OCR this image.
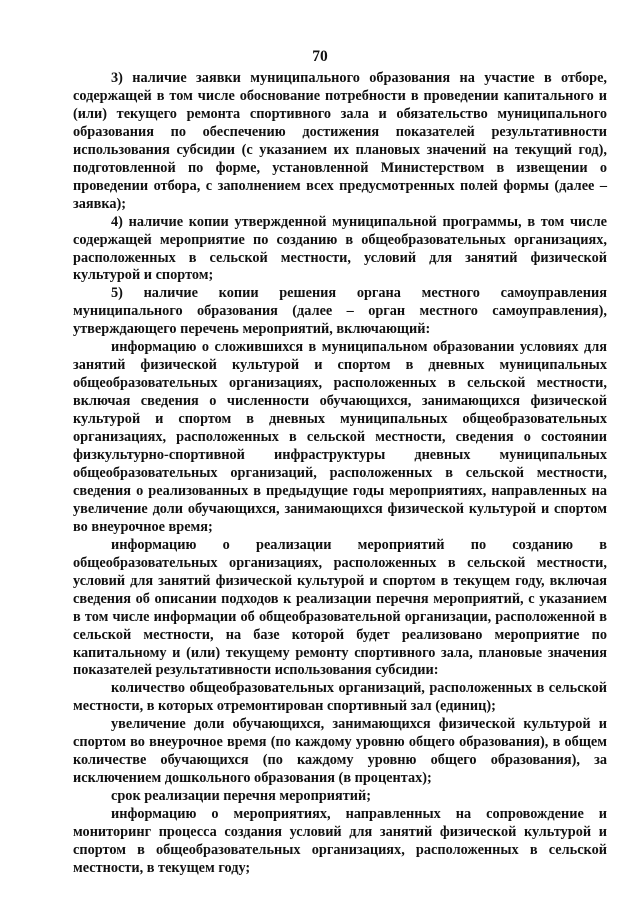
70

3) наличие заявки муниципального образования на участие в отборе, содержащей в том числе обоснование потребности в проведении капитального и (или) текущего ремонта спортивного зала и обязательство муниципального образования по обеспечению достижения показателей результативности использования субсидии (с указанием их плановых значений на текущий год), подготовленной по форме, установленной Министерством в извещении о проведении отбора, с заполнением всех предусмотренных полей формы (далее – заявка);

4) наличие копии утвержденной муниципальной программы, в том числе содержащей мероприятие по созданию в общеобразовательных организациях, расположенных в сельской местности, условий для занятий физической культурой и спортом;

5) наличие копии решения органа местного самоуправления муниципального образования (далее – орган местного самоуправления), утверждающего перечень мероприятий, включающий:

информацию о сложившихся в муниципальном образовании условиях для занятий физической культурой и спортом в дневных муниципальных общеобразовательных организациях, расположенных в сельской местности, включая сведения о численности обучающихся, занимающихся физической культурой и спортом в дневных муниципальных общеобразовательных организациях, расположенных в сельской местности, сведения о состоянии физкультурно-спортивной инфраструктуры дневных муниципальных общеобразовательных организаций, расположенных в сельской местности, сведения о реализованных в предыдущие годы мероприятиях, направленных на увеличение доли обучающихся, занимающихся физической культурой и спортом во внеурочное время;

информацию о реализации мероприятий по созданию в общеобразовательных организациях, расположенных в сельской местности, условий для занятий физической культурой и спортом в текущем году, включая сведения об описании подходов к реализации перечня мероприятий, с указанием в том числе информации об общеобразовательной организации, расположенной в сельской местности, на базе которой будет реализовано мероприятие по капитальному и (или) текущему ремонту спортивного зала, плановые значения показателей результативности использования субсидии:

количество общеобразовательных организаций, расположенных в сельской местности, в которых отремонтирован спортивный зал (единиц);

увеличение доли обучающихся, занимающихся физической культурой и спортом во внеурочное время (по каждому уровню общего образования), в общем количестве обучающихся (по каждому уровню общего образования), за исключением дошкольного образования (в процентах);

срок реализации перечня мероприятий;

информацию о мероприятиях, направленных на сопровождение и мониторинг процесса создания условий для занятий физической культурой и спортом в общеобразовательных организациях, расположенных в сельской местности, в текущем году;
